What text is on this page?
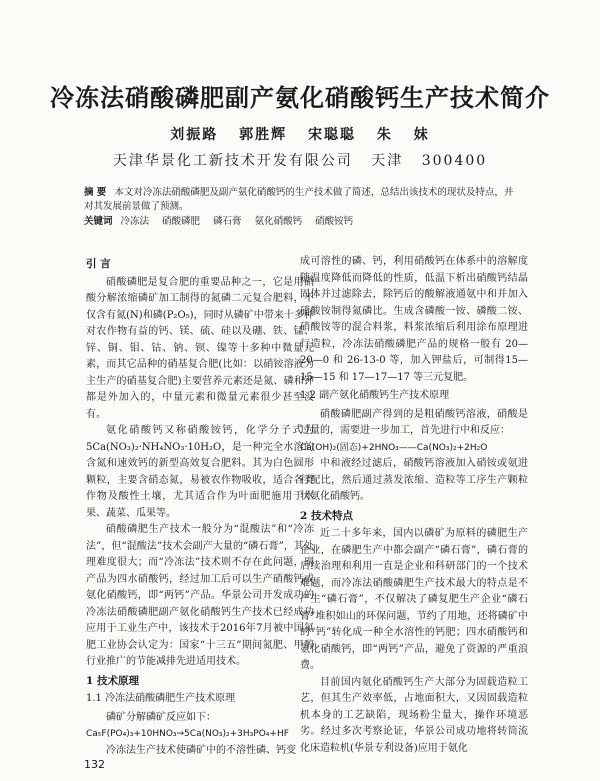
冷冻法硝酸磷肥副产氨化硝酸钙生产技术简介
刘振路 郭胜辉 宋聪聪 朱 妹
天津华景化工新技术开发有限公司 天津 300400
摘 要 本文对冷冻法硝酸磷肥及副产氨化硝酸钙的生产技术做了简述，总结出该技术的现状及特点，并对其发展前景做了预测。
关键词 冷冻法 硝酸磷肥 磷石膏 氨化硝酸钙 硝酸铵钙
引 言

硝酸磷肥是复合肥的重要品种之一，它是用硝酸分解浓缩磷矿加工制得的氮磷二元复合肥料，不仅含有氮(N)和磷(P₂O₅)，同时从磷矿中带来十多种对农作物有益的钙、镁、硫、硅以及硼、铁、锰、锌、铜、钼、钴、钠、钡、镍等十多种中微量元素，而其它品种的硝基复合肥(比如：以硝铵溶液为主生产的硝基复合肥)主要营养元素还是氮、磷和钾都是外加入的，中量元素和微量元素很少甚至没有。

氨化硝酸钙又称硝酸铵钙，化学分子式为5Ca(NO₃)₂·NH₄NO₃·10H₂O，是一种完全水溶的含氮和速效钙的新型高效复合肥料。其为白色圆形颗粒，主要含硝态氮，易被农作物吸收，适合各类作物及酸性土壤，尤其适合作为叶面肥施用于水果、蔬菜、瓜果等。

硝酸磷肥生产技术一般分为“混酸法”和“冷冻法”，但“混酸法”技术会副产大量的“磷石膏”，其处理难度很大；而“冷冻法”技术则不存在此问题，副产品为四水硝酸钙，经过加工后可以生产硝酸钙或氨化硝酸钙，即“两钙”产品。华景公司开发成功的冷冻法硝酸磷肥副产氨化硝酸钙生产技术已经成功应用于工业生产中，该技术于2016年7月被中国氮肥工业协会认定为：国家“十三五”期间氮肥、甲醇行业推广的节能减排先进适用技术。

1 技术原理
1.1 冷冻法硝酸磷肥生产技术原理

磷矿分解磷矿反应如下：

Ca₅F(PO₄)₃+10HNO₃→5Ca(NO₃)₂+3H₃PO₄+HF

冷冻法生产技术使磷矿中的不溶性磷、钙变

成可溶性的磷、钙，利用硝酸钙在体系中的溶解度随温度降低而降低的性质，低温下析出硝酸钙结晶固体并过滤除去，除钙后的酸解液通氨中和并加入硝酸铵制得氮磷比。生成含磷酸一铵、磷酸二铵、硝酸铵等的混合料浆，料浆浓缩后利用涂布原理进行造粒，冷冻法硝酸磷肥产品的规格一般有 20—20—0 和 26-13-0 等，加入钾盐后，可制得15—15—15 和 17—17—17 等三元复肥。

1.2 副产氨化硝酸钙生产技术原理

硝酸磷肥副产得到的是粗硝酸钙溶液，硝酸是过量的，需要进一步加工，首先进行中和反应：

Ca(OH)₂(固态)+2HNO₃——Ca(NO₃)₂+2H₂O

中和液经过滤后，硝酸钙溶液加入硝铵或氨进行配比，然后通过蒸发浓缩、造粒等工序生产颗粒状氨化硝酸钙。

2 技术特点

近二十多年来，国内以磷矿为原料的磷肥生产企业，在磷肥生产中都会副产“磷石膏”，磷石膏的后续治理和利用一直是企业和科研部门的一个技术难题，而冷冻法硝酸磷肥生产技术最大的特点是不产生“磷石膏”，不仅解决了磷复肥生产企业“磷石膏”堆积如山的环保问题，节约了用地，还将磷矿中的“钙”转化成一种全水溶性的钙肥；四水硝酸钙和氨化硝酸钙，即“两钙”产品，避免了资源的严重浪费。

目前国内氨化硝酸钙生产大部分为固载造粒工艺，但其生产效率低，占地面积大，又因固载造粒机本身的工艺缺陷，现场粉尘量大，操作环境恶劣。经过多次考察论证，华景公司成功地将转筒流化床造粒机(华景专利设备)应用于氨化

132
